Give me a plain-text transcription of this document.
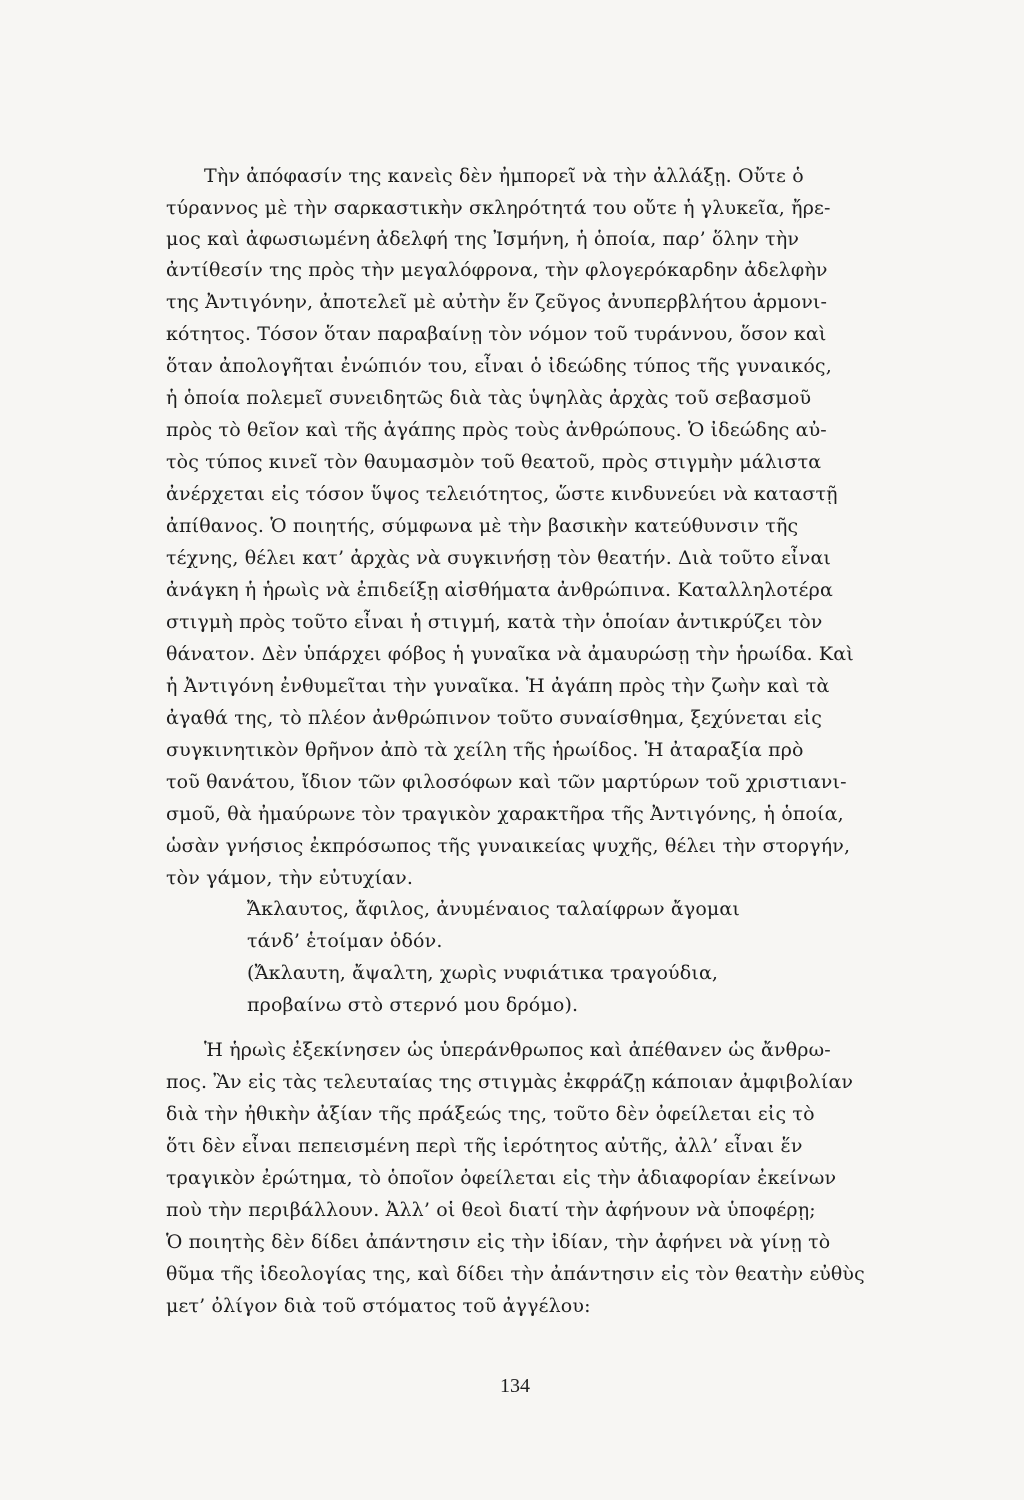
Τὴν ἀπόφασίν της κανεὶς δὲν ἠμπορεῖ νὰ τὴν ἀλλάξῃ. Οὔτε ὁ
τύραννος μὲ τὴν σαρκαστικὴν σκληρότητά του οὔτε ἡ γλυκεῖα, ἤρε-
μος καὶ ἀφωσιωμένη ἀδελφή της Ἰσμήνη, ἡ ὁποία, παρ’ ὅλην τὴν
ἀντίθεσίν της πρὸς τὴν μεγαλόφρονα, τὴν φλογερόκαρδην ἀδελφὴν
της Ἀντιγόνην, ἀποτελεῖ μὲ αὐτὴν ἕν ζεῦγος ἀνυπερβλήτου ἁρμονι-
κότητος. Τόσον ὅταν παραβαίνῃ τὸν νόμον τοῦ τυράννου, ὅσον καὶ
ὅταν ἀπολογῆται ἐνώπιόν του, εἶναι ὁ ἰδεώδης τύπος τῆς γυναικός,
ἡ ὁποία πολεμεῖ συνειδητῶς διὰ τὰς ὑψηλὰς ἀρχὰς τοῦ σεβασμοῦ
πρὸς τὸ θεῖον καὶ τῆς ἀγάπης πρὸς τοὺς ἀνθρώπους. Ὁ ἰδεώδης αὐ-
τὸς τύπος κινεῖ τὸν θαυμασμὸν τοῦ θεατοῦ, πρὸς στιγμὴν μάλιστα
ἀνέρχεται εἰς τόσον ὕψος τελειότητος, ὥστε κινδυνεύει νὰ καταστῇ
ἀπίθανος. Ὁ ποιητής, σύμφωνα μὲ τὴν βασικὴν κατεύθυνσιν τῆς
τέχνης, θέλει κατ’ ἀρχὰς νὰ συγκινήσῃ τὸν θεατήν. Διὰ τοῦτο εἶναι
ἀνάγκη ἡ ἡρωὶς νὰ ἐπιδείξῃ αἰσθήματα ἀνθρώπινα. Καταλληλοτέρα
στιγμὴ πρὸς τοῦτο εἶναι ἡ στιγμή, κατὰ τὴν ὁποίαν ἀντικρύζει τὸν
θάνατον. Δὲν ὑπάρχει φόβος ἡ γυναῖκα νὰ ἀμαυρώσῃ τὴν ἡρωίδα. Καὶ
ἡ Ἀντιγόνη ἐνθυμεῖται τὴν γυναῖκα. Ἡ ἀγάπη πρὸς τὴν ζωὴν καὶ τὰ
ἀγαθά της, τὸ πλέον ἀνθρώπινον τοῦτο συναίσθημα, ξεχύνεται εἰς
συγκινητικὸν θρῆνον ἀπὸ τὰ χείλη τῆς ἡρωίδος. Ἡ ἀταραξία πρὸ
τοῦ θανάτου, ἴδιον τῶν φιλοσόφων καὶ τῶν μαρτύρων τοῦ χριστιανι-
σμοῦ, θὰ ἠμαύρωνε τὸν τραγικὸν χαρακτῆρα τῆς Ἀντιγόνης, ἡ ὁποία,
ὡσὰν γνήσιος ἐκπρόσωπος τῆς γυναικείας ψυχῆς, θέλει τὴν στοργήν,
τὸν γάμον, τὴν εὐτυχίαν.
Ἄκλαυτος, ἄφιλος, ἀνυμέναιος ταλαίφρων ἄγομαι
τάνδ’ ἑτοίμαν ὁδόν.
(Ἄκλαυτη, ἄψαλτη, χωρὶς νυφιάτικα τραγούδια,
προβαίνω στὸ στερνό μου δρόμο).
Ἡ ἡρωὶς ἐξεκίνησεν ὡς ὑπεράνθρωπος καὶ ἀπέθανεν ὡς ἄνθρω-
πος. Ἂν εἰς τὰς τελευταίας της στιγμὰς ἐκφράζῃ κάποιαν ἀμφιβολίαν
διὰ τὴν ἠθικὴν ἀξίαν τῆς πράξεώς της, τοῦτο δὲν ὀφείλεται εἰς τὸ
ὅτι δὲν εἶναι πεπεισμένη περὶ τῆς ἱερότητος αὐτῆς, ἀλλ’ εἶναι ἕν
τραγικὸν ἐρώτημα, τὸ ὁποῖον ὀφείλεται εἰς τὴν ἀδιαφορίαν ἐκείνων
ποὺ τὴν περιβάλλουν. Ἀλλ’ οἱ θεοὶ διατί τὴν ἀφήνουν νὰ ὑποφέρῃ;
Ὁ ποιητὴς δὲν δίδει ἀπάντησιν εἰς τὴν ἰδίαν, τὴν ἀφήνει νὰ γίνῃ τὸ
θῦμα τῆς ἰδεολογίας της, καὶ δίδει τὴν ἀπάντησιν εἰς τὸν θεατὴν εὐθὺς
μετ’ ὀλίγον διὰ τοῦ στόματος τοῦ ἀγγέλου:
134
